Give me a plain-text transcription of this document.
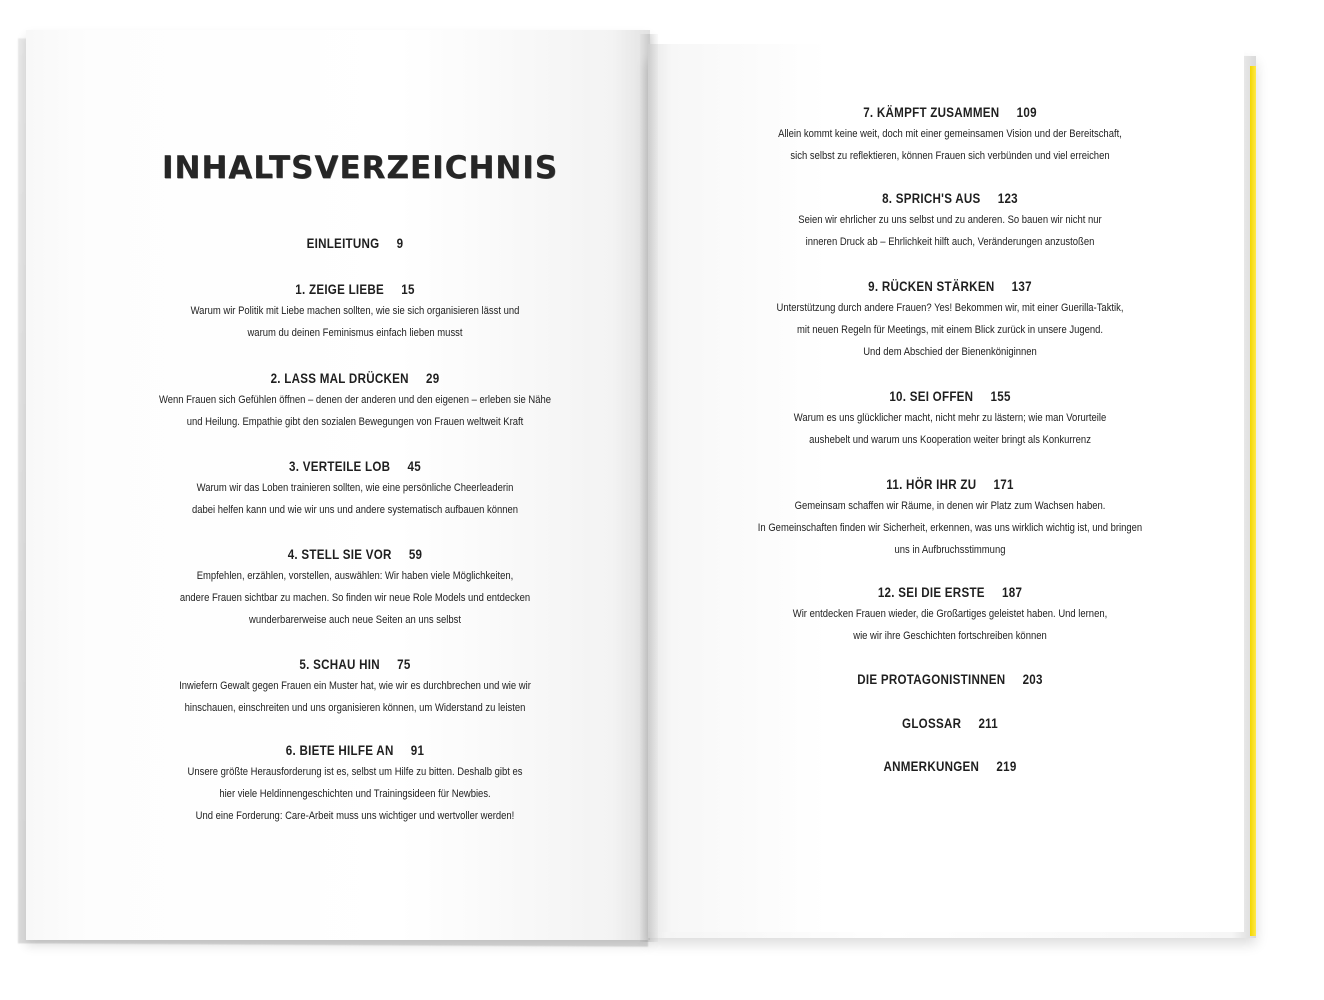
INHALTSVERZEICHNIS
EINLEITUNG 9
1. ZEIGE LIEBE 15
Warum wir Politik mit Liebe machen sollten, wie sie sich organisieren lässt und
warum du deinen Feminismus einfach lieben musst
2. LASS MAL DRÜCKEN 29
Wenn Frauen sich Gefühlen öffnen – denen der anderen und den eigenen – erleben sie Nähe
und Heilung. Empathie gibt den sozialen Bewegungen von Frauen weltweit Kraft
3. VERTEILE LOB 45
Warum wir das Loben trainieren sollten, wie eine persönliche Cheerleaderin
dabei helfen kann und wie wir uns und andere systematisch aufbauen können
4. STELL SIE VOR 59
Empfehlen, erzählen, vorstellen, auswählen: Wir haben viele Möglichkeiten,
andere Frauen sichtbar zu machen. So finden wir neue Role Models und entdecken
wunderbarerweise auch neue Seiten an uns selbst
5. SCHAU HIN 75
Inwiefern Gewalt gegen Frauen ein Muster hat, wie wir es durchbrechen und wie wir
hinschauen, einschreiten und uns organisieren können, um Widerstand zu leisten
6. BIETE HILFE AN 91
Unsere größte Herausforderung ist es, selbst um Hilfe zu bitten. Deshalb gibt es
hier viele Heldinnengeschichten und Trainingsideen für Newbies.
Und eine Forderung: Care-Arbeit muss uns wichtiger und wertvoller werden!
7. KÄMPFT ZUSAMMEN 109
Allein kommt keine weit, doch mit einer gemeinsamen Vision und der Bereitschaft,
sich selbst zu reflektieren, können Frauen sich verbünden und viel erreichen
8. SPRICH'S AUS 123
Seien wir ehrlicher zu uns selbst und zu anderen. So bauen wir nicht nur
inneren Druck ab – Ehrlichkeit hilft auch, Veränderungen anzustoßen
9. RÜCKEN STÄRKEN 137
Unterstützung durch andere Frauen? Yes! Bekommen wir, mit einer Guerilla-Taktik,
mit neuen Regeln für Meetings, mit einem Blick zurück in unsere Jugend.
Und dem Abschied der Bienenköniginnen
10. SEI OFFEN 155
Warum es uns glücklicher macht, nicht mehr zu lästern; wie man Vorurteile
aushebelt und warum uns Kooperation weiter bringt als Konkurrenz
11. HÖR IHR ZU 171
Gemeinsam schaffen wir Räume, in denen wir Platz zum Wachsen haben.
In Gemeinschaften finden wir Sicherheit, erkennen, was uns wirklich wichtig ist, und bringen
uns in Aufbruchsstimmung
12. SEI DIE ERSTE 187
Wir entdecken Frauen wieder, die Großartiges geleistet haben. Und lernen,
wie wir ihre Geschichten fortschreiben können
DIE PROTAGONISTINNEN 203
GLOSSAR 211
ANMERKUNGEN 219
